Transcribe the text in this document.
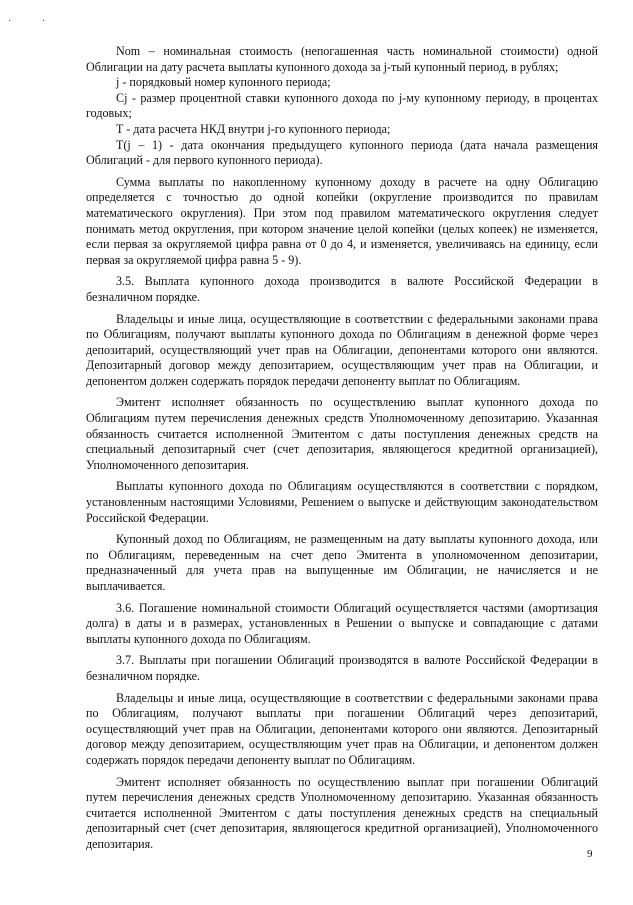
· ·

Nom – номинальная стоимость (непогашенная часть номинальной стоимости) одной Облигации на дату расчета выплаты купонного дохода за j-тый купонный период, в рублях;

j - порядковый номер купонного периода;

Cj - размер процентной ставки купонного дохода по j-му купонному периоду, в процентах годовых;

T - дата расчета НКД внутри j-го купонного периода;

T(j – 1) - дата окончания предыдущего купонного периода (дата начала размещения Облигаций - для первого купонного периода).

Сумма выплаты по накопленному купонному доходу в расчете на одну Облигацию определяется с точностью до одной копейки (округление производится по правилам математического округления). При этом под правилом математического округления следует понимать метод округления, при котором значение целой копейки (целых копеек) не изменяется, если первая за округляемой цифра равна от 0 до 4, и изменяется, увеличиваясь на единицу, если первая за округляемой цифра равна 5 - 9).

3.5. Выплата купонного дохода производится в валюте Российской Федерации в безналичном порядке.

Владельцы и иные лица, осуществляющие в соответствии с федеральными законами права по Облигациям, получают выплаты купонного дохода по Облигациям в денежной форме через депозитарий, осуществляющий учет прав на Облигации, депонентами которого они являются. Депозитарный договор между депозитарием, осуществляющим учет прав на Облигации, и депонентом должен содержать порядок передачи депоненту выплат по Облигациям.

Эмитент исполняет обязанность по осуществлению выплат купонного дохода по Облигациям путем перечисления денежных средств Уполномоченному депозитарию. Указанная обязанность считается исполненной Эмитентом с даты поступления денежных средств на специальный депозитарный счет (счет депозитария, являющегося кредитной организацией), Уполномоченного депозитария.

Выплаты купонного дохода по Облигациям осуществляются в соответствии с порядком, установленным настоящими Условиями, Решением о выпуске и действующим законодательством Российской Федерации.

Купонный доход по Облигациям, не размещенным на дату выплаты купонного дохода, или по Облигациям, переведенным на счет депо Эмитента в уполномоченном депозитарии, предназначенный для учета прав на выпущенные им Облигации, не начисляется и не выплачивается.

3.6. Погашение номинальной стоимости Облигаций осуществляется частями (амортизация долга) в даты и в размерах, установленных в Решении о выпуске и совпадающие с датами выплаты купонного дохода по Облигациям.

3.7. Выплаты при погашении Облигаций производятся в валюте Российской Федерации в безналичном порядке.

Владельцы и иные лица, осуществляющие в соответствии с федеральными законами права по Облигациям, получают выплаты при погашении Облигаций через депозитарий, осуществляющий учет прав на Облигации, депонентами которого они являются. Депозитарный договор между депозитарием, осуществляющим учет прав на Облигации, и депонентом должен содержать порядок передачи депоненту выплат по Облигациям.

Эмитент исполняет обязанность по осуществлению выплат при погашении Облигаций путем перечисления денежных средств Уполномоченному депозитарию. Указанная обязанность считается исполненной Эмитентом с даты поступления денежных средств на специальный депозитарный счет (счет депозитария, являющегося кредитной организацией), Уполномоченного депозитария.

9
